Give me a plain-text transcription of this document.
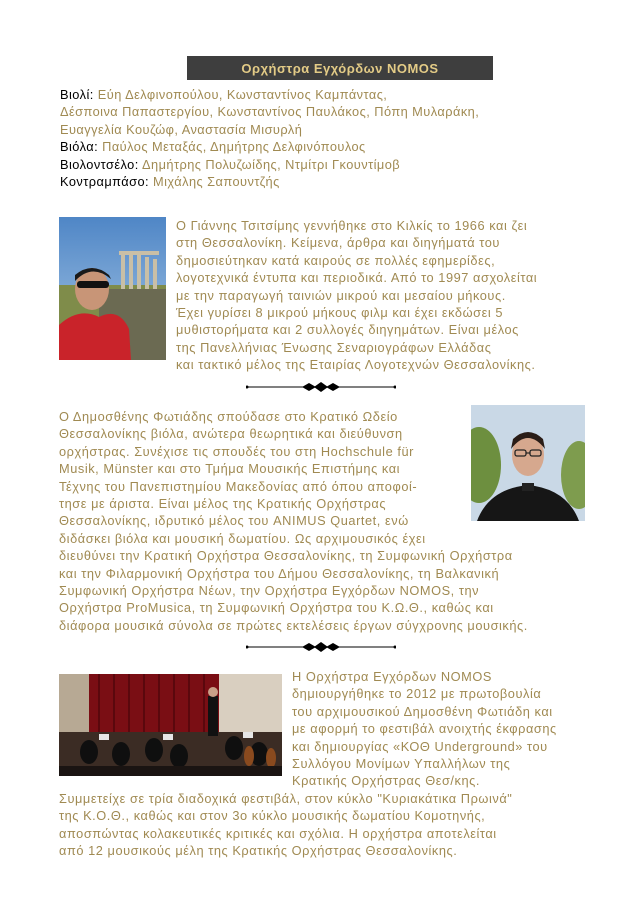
Ορχήστρα Εγχόρδων NOMOS
Βιολί: Εύη Δελφινοπούλου, Κωνσταντίνος Καμπάντας,
Δέσποινα Παπαστεργίου, Κωνσταντίνος Παυλάκος, Πόπη Μυλαράκη,
Ευαγγελία Κουζώφ, Αναστασία Μισυρλή
Βιόλα: Παύλος Μεταξάς, Δημήτρης Δελφινόπουλος
Βιολοντσέλο: Δημήτρης Πολυζωίδης, Ντμίτρι Γκουντίμοβ
Κοντραμπάσο: Μιχάλης Σαπουντζής
Ο Γιάννης Τσιτσίμης γεννήθηκε στο Κιλκίς το 1966 και ζει
στη Θεσσαλονίκη. Κείμενα, άρθρα και διηγήματά του
δημοσιεύτηκαν κατά καιρούς σε πολλές εφημερίδες,
λογοτεχνικά έντυπα και περιοδικά. Από το 1997 ασχολείται
με την παραγωγή ταινιών μικρού και μεσαίου μήκους.
Έχει γυρίσει 8 μικρού μήκους φιλμ και έχει εκδώσει 5
μυθιστορήματα και 2 συλλογές διηγημάτων. Είναι μέλος
της Πανελλήνιας Ένωσης Σεναριογράφων Ελλάδας
και τακτικό μέλος της Εταιρίας Λογοτεχνών Θεσσαλονίκης.
Ο Δημοσθένης Φωτιάδης σπούδασε στο Κρατικό Ωδείο
Θεσσαλονίκης βιόλα, ανώτερα θεωρητικά και διεύθυνση
ορχήστρας. Συνέχισε τις σπουδές του στη Hochschule für
Musik, Münster και στο Τμήμα Μουσικής Επιστήμης και
Τέχνης του Πανεπιστημίου Μακεδονίας από όπου αποφοί-
τησε με άριστα. Είναι μέλος της Κρατικής Ορχήστρας
Θεσσαλονίκης, ιδρυτικό μέλος του ANIMUS Quartet, ενώ
διδάσκει βιόλα και μουσική δωματίου. Ως αρχιμουσικός έχει
διευθύνει την Κρατική Ορχήστρα Θεσσαλονίκης, τη Συμφωνική Ορχήστρα
και την Φιλαρμονική Ορχήστρα του Δήμου Θεσσαλονίκης, τη Βαλκανική
Συμφωνική Ορχήστρα Νέων, την Ορχήστρα Εγχόρδων NOMOS, την
Ορχήστρα ProMusica, τη Συμφωνική Ορχήστρα του Κ.Ω.Θ., καθώς και
διάφορα μουσικά σύνολα σε πρώτες εκτελέσεις έργων σύγχρονης μουσικής.
Η Ορχήστρα Εγχόρδων NOMOS
δημιουργήθηκε το 2012 με πρωτοβουλία
του αρχιμουσικού Δημοσθένη Φωτιάδη και
με αφορμή το φεστιβάλ ανοιχτής έκφρασης
και δημιουργίας «ΚΟΘ Underground» του
Συλλόγου Μονίμων Υπαλλήλων της
Κρατικής Ορχήστρας Θεσ/κης.
Συμμετείχε σε τρία διαδοχικά φεστιβάλ, στον κύκλο "Κυριακάτικα Πρωινά"
της Κ.Ο.Θ., καθώς και στον 3ο κύκλο μουσικής δωματίου Κομοτηνής,
αποσπώντας κολακευτικές κριτικές και σχόλια. Η ορχήστρα αποτελείται
από 12 μουσικούς μέλη της Κρατικής Ορχήστρας Θεσσαλονίκης.
